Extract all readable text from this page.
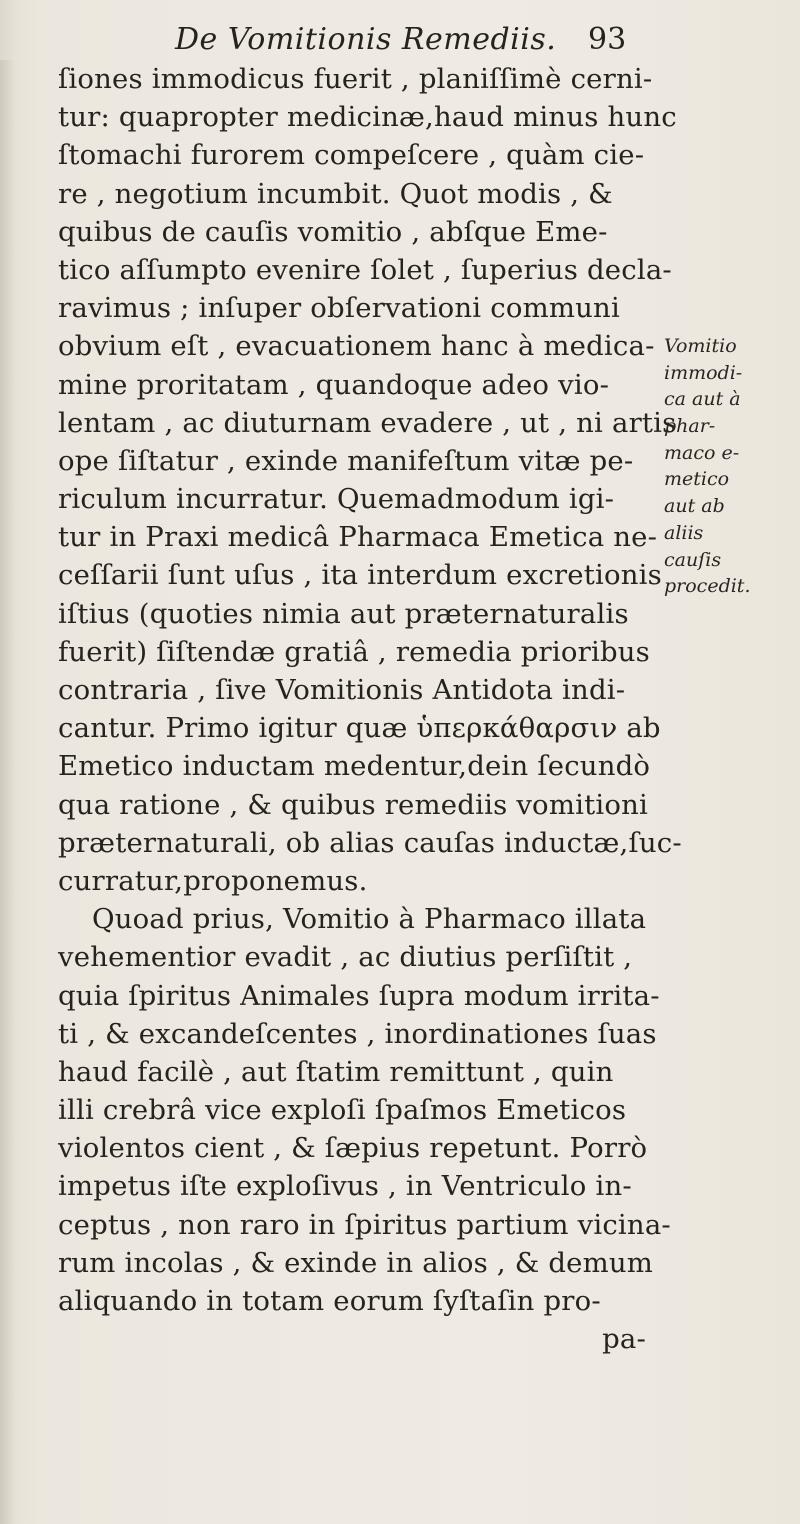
De Vomitionis Remediis. 93
ſiones immodicus fuerit , planiſſimè cerni-
tur: quapropter medicinæ,haud minus hunc
ſtomachi furorem compeſcere , quàm cie-
re , negotium incumbit. Quot modis , &
quibus de cauſis vomitio , abſque Eme-
tico aſſumpto evenire ſolet , ſuperius decla-
ravimus ; inſuper obſervationi communi
obvium eſt , evacuationem hanc à medica-
mine proritatam , quandoque adeo vio-
lentam , ac diuturnam evadere , ut , ni artis
ope ſiſtatur , exinde manifeſtum vitæ pe-
riculum incurratur. Quemadmodum igi-
tur in Praxi medicâ Pharmaca Emetica ne-
ceſſarii ſunt uſus , ita interdum excretionis
iſtius (quoties nimia aut præternaturalis
fuerit) ſiſtendæ gratiâ , remedia prioribus
contraria , ſive Vomitionis Antidota indi-
cantur. Primo igitur quæ ὑπερκάθαρσιν ab
Emetico inductam medentur,dein ſecundò
qua ratione , & quibus remediis vomitioni
præternaturali, ob alias cauſas inductæ,ſuc-
curratur,proponemus.
Quoad prius, Vomitio à Pharmaco illata
vehementior evadit , ac diutius perſiſtit ,
quia ſpiritus Animales ſupra modum irrita-
ti , & excandeſcentes , inordinationes ſuas
haud facilè , aut ſtatim remittunt , quin
illi crebrâ vice exploſi ſpaſmos Emeticos
violentos cient , & ſæpius repetunt. Porrò
impetus iſte exploſivus , in Ventriculo in-
ceptus , non raro in ſpiritus partium vicina-
rum incolas , & exinde in alios , & demum
aliquando in totam eorum ſyſtaſin pro-
pa-
Vomitio
immodi-
ca aut à
phar-
maco e-
metico
aut ab
aliis
cauſis
procedit.
